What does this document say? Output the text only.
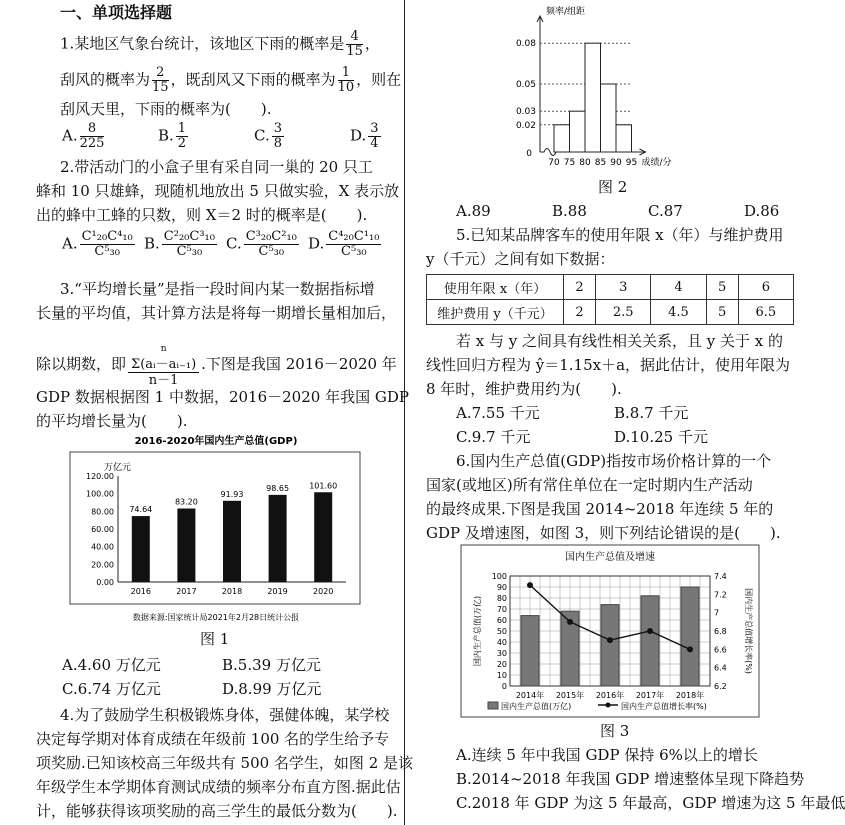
一、单项选择题
1.某地区气象台统计，该地区下雨的概率是 $\frac{4}{15}$ ，
刮风的概率为 $\frac{2}{15}$ ，既刮风又下雨的概率为 $\frac{1}{10}$ ，则在
刮风天里，下雨的概率为(　　).
A. $\frac{8}{225}$	B. $\frac{1}{2}$	C. $\frac{3}{8}$	D. $\frac{3}{4}$
2.带活动门的小盒子里有采自同一巢的 20 只工
蜂和 10 只雄蜂，现随机地放出 5 只做实验，X 表示放
出的蜂中工蜂的只数，则 X＝2 时的概率是(　　).
A. $\frac{\text{C¹₂₀C⁴₁₀}}{\text{C⁵₃₀}} B$. $\frac{\text{C²₂₀C³₁₀}}{\text{C⁵₃₀}} C$. $\frac{\text{C³₂₀C²₁₀}}{\text{C⁵₃₀}} D$. $\frac{\text{C⁴₂₀C¹₁₀}}{\text{C⁵₃₀}}$
3.“平均增长量”是指一段时间内某一数据指标增
长量的平均值，其计算方法是将每一期增长量相加后，
除以期数，即
n
Σ(aᵢ－aᵢ₋₁)
n－1
.下图是我国 2016－2020 年
GDP 数据根据图 1 中数据，2016－2020 年我国 GDP
的平均增长量为(　　).
2016-2020年国内生产总值(GDP)
万亿元
0.00
20.00
40.00
60.00
80.00
100.00
120.00
74.64
2016
83.20
2017
91.93
2018
98.65
2019
101.60
2020
数据来源:国家统计局2021年2月28日统计公报
图 1
A.4.60 万亿元	B.5.39 万亿元
C.6.74 万亿元	D.8.99 万亿元
4.为了鼓励学生积极锻炼身体，强健体魄，某学校
决定每学期对体育成绩在年级前 100 名的学生给予专
项奖励.已知该校高三年级共有 500 名学生，如图 2 是该
年级学生本学期体育测试成绩的频率分布直方图.据此估
计，能够获得该项奖励的高三学生的最低分数为(　　).
频率/组距
0
0.02
0.03
0.05
0.08
70 75 80 85 90 95 成绩/分
图 2
A.89	B.88	C.87	D.86
5.已知某品牌客车的使用年限 x（年）与维护费用
y（千元）之间有如下数据：
使用年限 x（年）	2	3	4	5	6
维护费用 y（千元）	2	2.5	4.5	5	6.5
若 x 与 y 之间具有线性相关关系，且 y 关于 x 的
线性回归方程为 ŷ＝1.15x＋a，据此估计，使用年限为
8 年时，维护费用约为(　　).
A.7.55 千元	B.8.7 千元
C.9.7 千元	D.10.25 千元
6.国内生产总值(GDP)指按市场价格计算的一个
国家(或地区)所有常住单位在一定时期内生产活动
的最终成果.下图是我国 2014~2018 年连续 5 年的
GDP 及增速图，如图 3，则下列结论错误的是(　　).
国内生产总值及增速
0
10
20
30
40
50
60
70
80
90
100
6.2
6.4
6.6
6.8
7
7.2
7.4
国内生产总值(万亿)	国内生产总值增长率(%)
2014年 2015年 2016年 2017年 2018年
国内生产总值(万亿)	国内生产总值增长率(%)
图 3
A.连续 5 年中我国 GDP 保持 6%以上的增长
B.2014~2018 年我国 GDP 增速整体呈现下降趋势
C.2018 年 GDP 为这 5 年最高，GDP 增速为这 5 年最低
